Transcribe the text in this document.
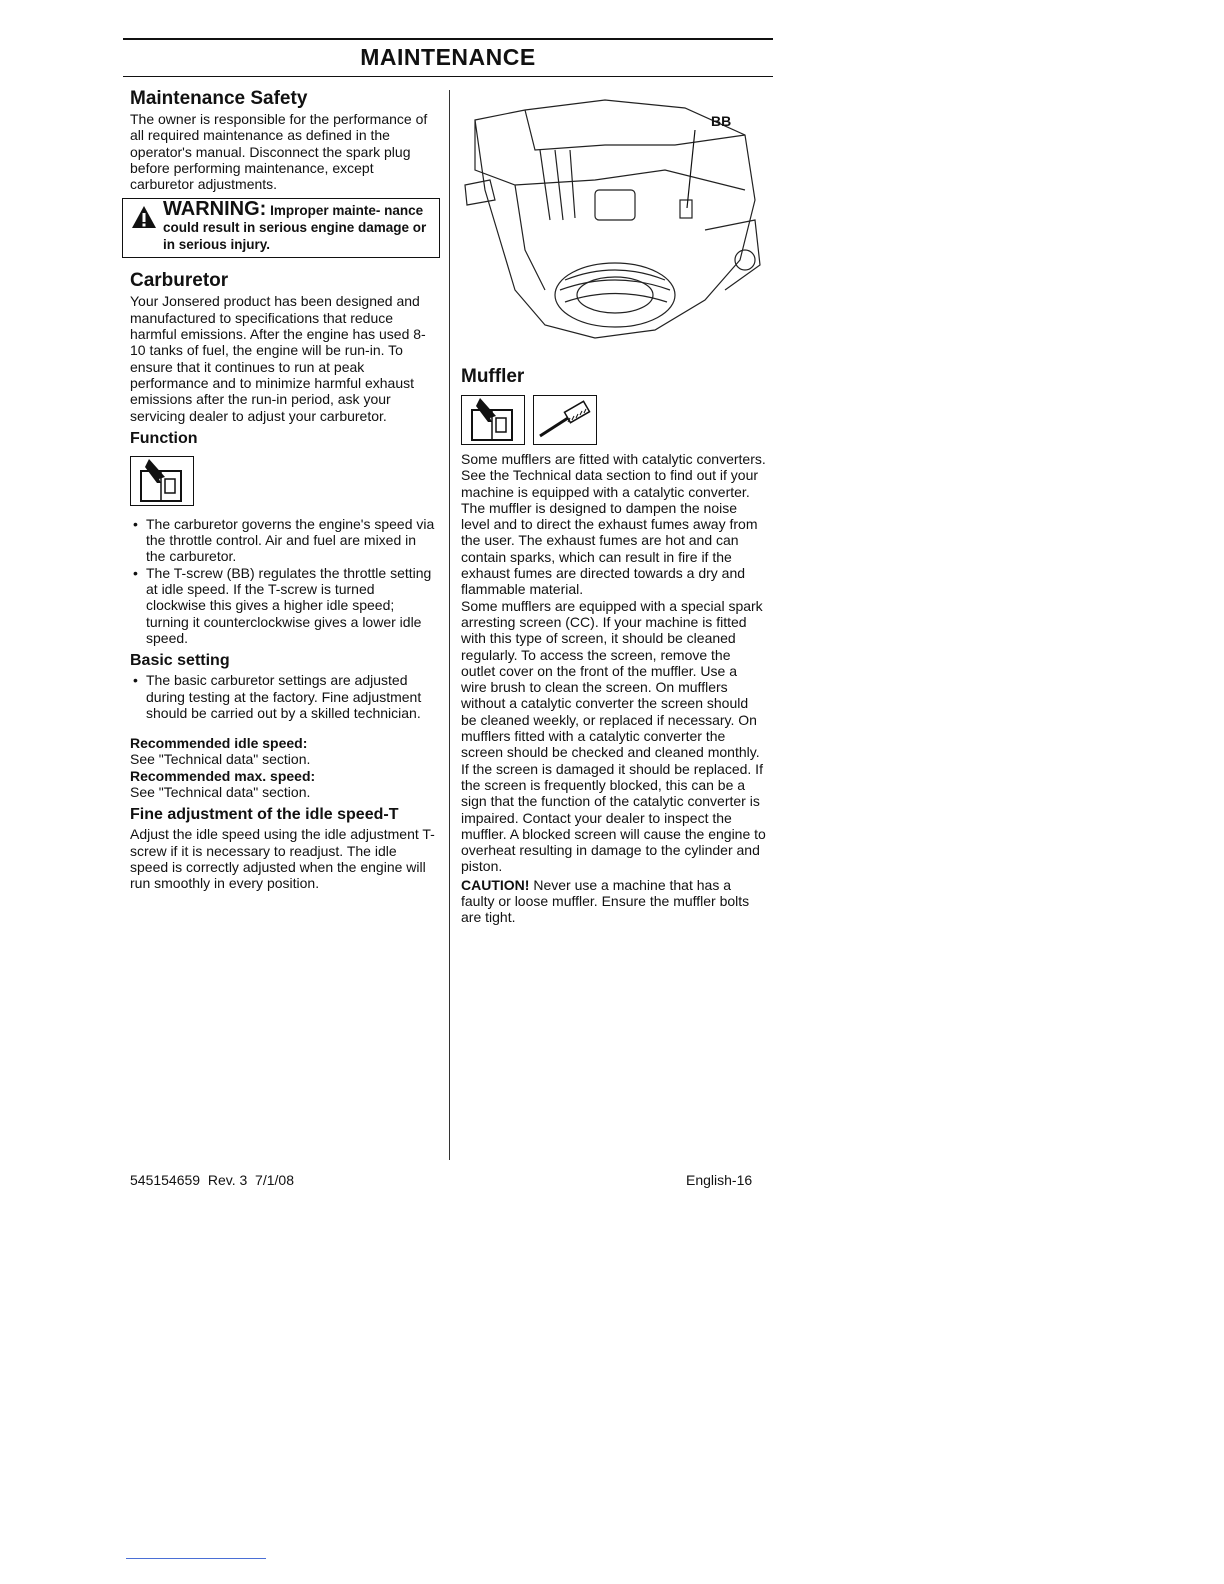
MAINTENANCE
Maintenance Safety

The owner is responsible for the performance of all required maintenance as defined in the operator's manual. Disconnect the spark plug before performing maintenance, except carburetor adjustments.

WARNING: Improper mainte- nance could result in serious engine damage or in serious injury.
Carburetor

Your Jonsered product has been designed and manufactured to specifications that reduce harmful emissions. After the engine has used 8-10 tanks of fuel, the engine will be run-in. To ensure that it continues to run at peak performance and to minimize harmful exhaust emissions after the run-in period, ask your servicing dealer to adjust your carburetor.

Function
• The carburetor governs the engine's speed via the throttle control. Air and fuel are mixed in the carburetor.
• The T-screw (BB) regulates the throttle setting at idle speed. If the T-screw is turned clockwise this gives a higher idle speed; turning it counterclockwise gives a lower idle speed.
Basic setting
• The basic carburetor settings are adjusted during testing at the factory. Fine adjustment should be carried out by a skilled technician.

Recommended idle speed:

See "Technical data" section.

Recommended max. speed:

See "Technical data" section.

Fine adjustment of the idle speed-T

Adjust the idle speed using the idle adjustment T-screw if it is necessary to readjust. The idle speed is correctly adjusted when the engine will run smoothly in every position.

BB
Muffler

Some mufflers are fitted with catalytic converters. See the Technical data section to find out if your machine is equipped with a catalytic converter.

The muffler is designed to dampen the noise level and to direct the exhaust fumes away from the user. The exhaust fumes are hot and can contain sparks, which can result in fire if the exhaust fumes are directed towards a dry and flammable material.

Some mufflers are equipped with a special spark arresting screen (CC). If your machine is fitted with this type of screen, it should be cleaned regularly. To access the screen, remove the outlet cover on the front of the muffler. Use a wire brush to clean the screen. On mufflers without a catalytic converter the screen should be cleaned weekly, or replaced if necessary. On mufflers fitted with a catalytic converter the screen should be checked and cleaned monthly. If the screen is damaged it should be replaced. If the screen is frequently blocked, this can be a sign that the function of the catalytic converter is impaired. Contact your dealer to inspect the muffler. A blocked screen will cause the engine to overheat resulting in damage to the cylinder and piston.

CAUTION! Never use a machine that has a faulty or loose muffler. Ensure the muffler bolts are tight.

545154659  Rev. 3  7/1/08	English-16
